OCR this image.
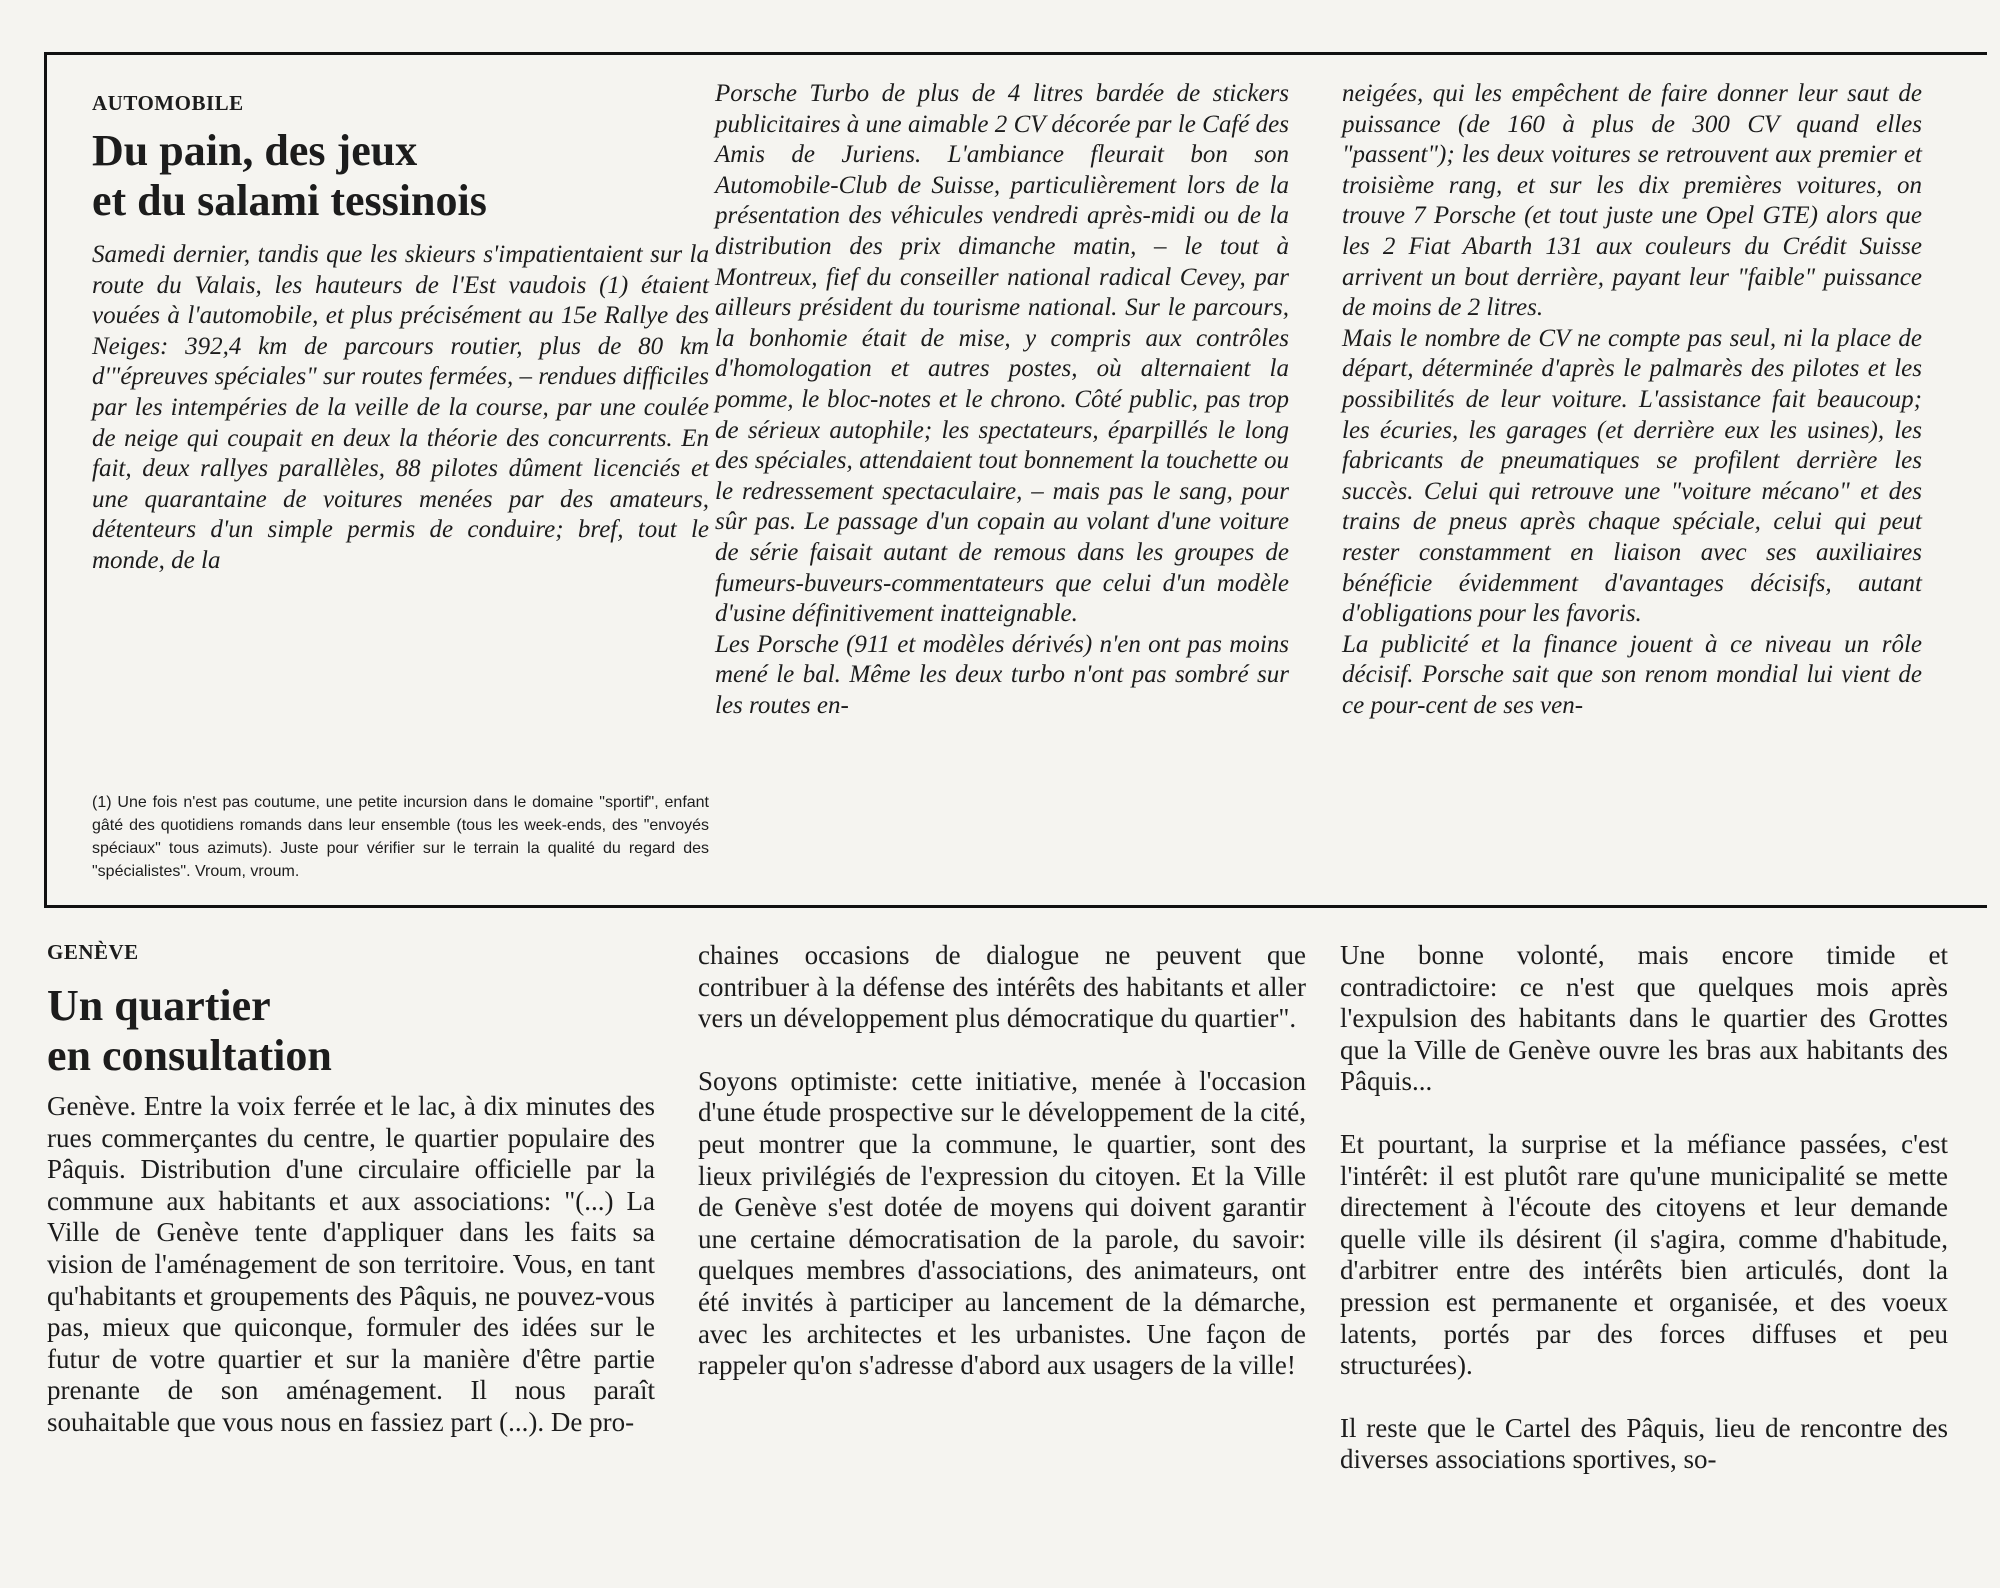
AUTOMOBILE

Du pain, des jeux
et du salami tessinois

Samedi dernier, tandis que les skieurs s'impatientaient sur la route du Valais, les hauteurs de l'Est vaudois (1) étaient vouées à l'automobile, et plus précisément au 15e Rallye des Neiges: 392,4 km de parcours routier, plus de 80 km d'"épreuves spéciales" sur routes fermées, – rendues difficiles par les intempéries de la veille de la course, par une coulée de neige qui coupait en deux la théorie des concurrents. En fait, deux rallyes parallèles, 88 pilotes dûment licenciés et une quarantaine de voitures menées par des amateurs, détenteurs d'un simple permis de conduire; bref, tout le monde, de la

(1) Une fois n'est pas coutume, une petite incursion dans le domaine "sportif", enfant gâté des quotidiens romands dans leur ensemble (tous les week-ends, des "envoyés spéciaux" tous azimuts). Juste pour vérifier sur le terrain la qualité du regard des "spécialistes". Vroum, vroum.

Porsche Turbo de plus de 4 litres bardée de stickers publicitaires à une aimable 2 CV décorée par le Café des Amis de Juriens. L'ambiance fleurait bon son Automobile-Club de Suisse, particulièrement lors de la présentation des véhicules vendredi après-midi ou de la distribution des prix dimanche matin, – le tout à Montreux, fief du conseiller national radical Cevey, par ailleurs président du tourisme national. Sur le parcours, la bonhomie était de mise, y compris aux contrôles d'homologation et autres postes, où alternaient la pomme, le bloc-notes et le chrono. Côté public, pas trop de sérieux autophile; les spectateurs, éparpillés le long des spéciales, attendaient tout bonnement la touchette ou le redressement spectaculaire, – mais pas le sang, pour sûr pas. Le passage d'un copain au volant d'une voiture de série faisait autant de remous dans les groupes de fumeurs-buveurs-commentateurs que celui d'un modèle d'usine définitivement inatteignable.

Les Porsche (911 et modèles dérivés) n'en ont pas moins mené le bal. Même les deux turbo n'ont pas sombré sur les routes en-

neigées, qui les empêchent de faire donner leur saut de puissance (de 160 à plus de 300 CV quand elles "passent"); les deux voitures se retrouvent aux premier et troisième rang, et sur les dix premières voitures, on trouve 7 Porsche (et tout juste une Opel GTE) alors que les 2 Fiat Abarth 131 aux couleurs du Crédit Suisse arrivent un bout derrière, payant leur "faible" puissance de moins de 2 litres.

Mais le nombre de CV ne compte pas seul, ni la place de départ, déterminée d'après le palmarès des pilotes et les possibilités de leur voiture. L'assistance fait beaucoup; les écuries, les garages (et derrière eux les usines), les fabricants de pneumatiques se profilent derrière les succès. Celui qui retrouve une "voiture mécano" et des trains de pneus après chaque spéciale, celui qui peut rester constamment en liaison avec ses auxiliaires bénéficie évidemment d'avantages décisifs, autant d'obligations pour les favoris.

La publicité et la finance jouent à ce niveau un rôle décisif. Porsche sait que son renom mondial lui vient de ce pour-cent de ses ven-

GENÈVE

Un quartier
en consultation

Genève. Entre la voix ferrée et le lac, à dix minutes des rues commerçantes du centre, le quartier populaire des Pâquis. Distribution d'une circulaire officielle par la commune aux habitants et aux associations: "(...) La Ville de Genève tente d'appliquer dans les faits sa vision de l'aménagement de son territoire. Vous, en tant qu'habitants et groupements des Pâquis, ne pouvez-vous pas, mieux que quiconque, formuler des idées sur le futur de votre quartier et sur la manière d'être partie prenante de son aménagement. Il nous paraît souhaitable que vous nous en fassiez part (...). De pro-

chaines occasions de dialogue ne peuvent que contribuer à la défense des intérêts des habitants et aller vers un développement plus démocratique du quartier".

Soyons optimiste: cette initiative, menée à l'occasion d'une étude prospective sur le développement de la cité, peut montrer que la commune, le quartier, sont des lieux privilégiés de l'expression du citoyen. Et la Ville de Genève s'est dotée de moyens qui doivent garantir une certaine démocratisation de la parole, du savoir: quelques membres d'associations, des animateurs, ont été invités à participer au lancement de la démarche, avec les architectes et les urbanistes. Une façon de rappeler qu'on s'adresse d'abord aux usagers de la ville!

Une bonne volonté, mais encore timide et contradictoire: ce n'est que quelques mois après l'expulsion des habitants dans le quartier des Grottes que la Ville de Genève ouvre les bras aux habitants des Pâquis...

Et pourtant, la surprise et la méfiance passées, c'est l'intérêt: il est plutôt rare qu'une municipalité se mette directement à l'écoute des citoyens et leur demande quelle ville ils désirent (il s'agira, comme d'habitude, d'arbitrer entre des intérêts bien articulés, dont la pression est permanente et organisée, et des voeux latents, portés par des forces diffuses et peu structurées).

Il reste que le Cartel des Pâquis, lieu de rencontre des diverses associations sportives, so-
